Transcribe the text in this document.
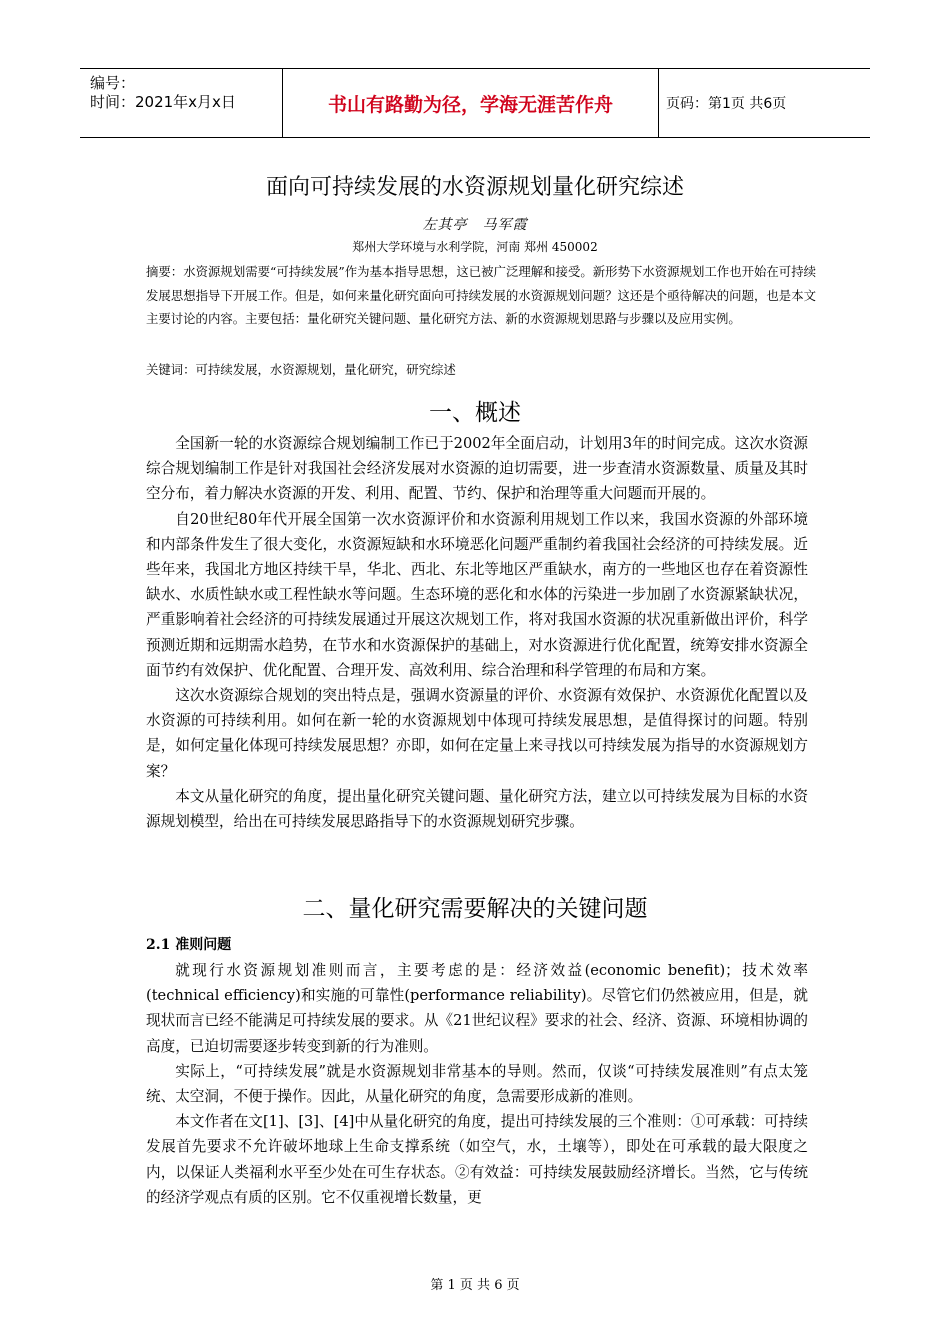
编号：
时间：2021年x月x日	书山有路勤为径，学海无涯苦作舟	页码：第1页 共6页
面向可持续发展的水资源规划量化研究综述
左其亭　马军霞
郑州大学环境与水利学院，河南 郑州 450002
摘要：水资源规划需要“可持续发展”作为基本指导思想，这已被广泛理解和接受。新形势下水资源规划工作也开始在可持续发展思想指导下开展工作。但是，如何来量化研究面向可持续发展的水资源规划问题？这还是个亟待解决的问题，也是本文主要讨论的内容。主要包括：量化研究关键问题、量化研究方法、新的水资源规划思路与步骤以及应用实例。
关键词：可持续发展，水资源规划，量化研究，研究综述
一、概述

全国新一轮的水资源综合规划编制工作已于2002年全面启动，计划用3年的时间完成。这次水资源综合规划编制工作是针对我国社会经济发展对水资源的迫切需要，进一步查清水资源数量、质量及其时空分布，着力解决水资源的开发、利用、配置、节约、保护和治理等重大问题而开展的。

自20世纪80年代开展全国第一次水资源评价和水资源利用规划工作以来，我国水资源的外部环境和内部条件发生了很大变化，水资源短缺和水环境恶化问题严重制约着我国社会经济的可持续发展。近些年来，我国北方地区持续干旱，华北、西北、东北等地区严重缺水，南方的一些地区也存在着资源性缺水、水质性缺水或工程性缺水等问题。生态环境的恶化和水体的污染进一步加剧了水资源紧缺状况，严重影响着社会经济的可持续发展通过开展这次规划工作，将对我国水资源的状况重新做出评价，科学预测近期和远期需水趋势，在节水和水资源保护的基础上，对水资源进行优化配置，统筹安排水资源全面节约有效保护、优化配置、合理开发、高效利用、综合治理和科学管理的布局和方案。

这次水资源综合规划的突出特点是，强调水资源量的评价、水资源有效保护、水资源优化配置以及水资源的可持续利用。如何在新一轮的水资源规划中体现可持续发展思想，是值得探讨的问题。特别是，如何定量化体现可持续发展思想？亦即，如何在定量上来寻找以可持续发展为指导的水资源规划方案？

本文从量化研究的角度，提出量化研究关键问题、量化研究方法，建立以可持续发展为目标的水资源规划模型，给出在可持续发展思路指导下的水资源规划研究步骤。

二、量化研究需要解决的关键问题
2.1 准则问题

就现行水资源规划准则而言，主要考虑的是：经济效益(economic benefit)；技术效率(technical efficiency)和实施的可靠性(performance reliability)。尽管它们仍然被应用，但是，就现状而言已经不能满足可持续发展的要求。从《21世纪议程》要求的社会、经济、资源、环境相协调的高度，已迫切需要逐步转变到新的行为准则。

实际上，“可持续发展”就是水资源规划非常基本的导则。然而，仅谈“可持续发展准则”有点太笼统、太空洞，不便于操作。因此，从量化研究的角度，急需要形成新的准则。

本文作者在文[1]、[3]、[4]中从量化研究的角度，提出可持续发展的三个准则：①可承载：可持续发展首先要求不允许破坏地球上生命支撑系统（如空气，水，土壤等），即处在可承载的最大限度之内，以保证人类福利水平至少处在可生存状态。②有效益：可持续发展鼓励经济增长。当然，它与传统的经济学观点有质的区别。它不仅重视增长数量，更

第 1 页 共 6 页
